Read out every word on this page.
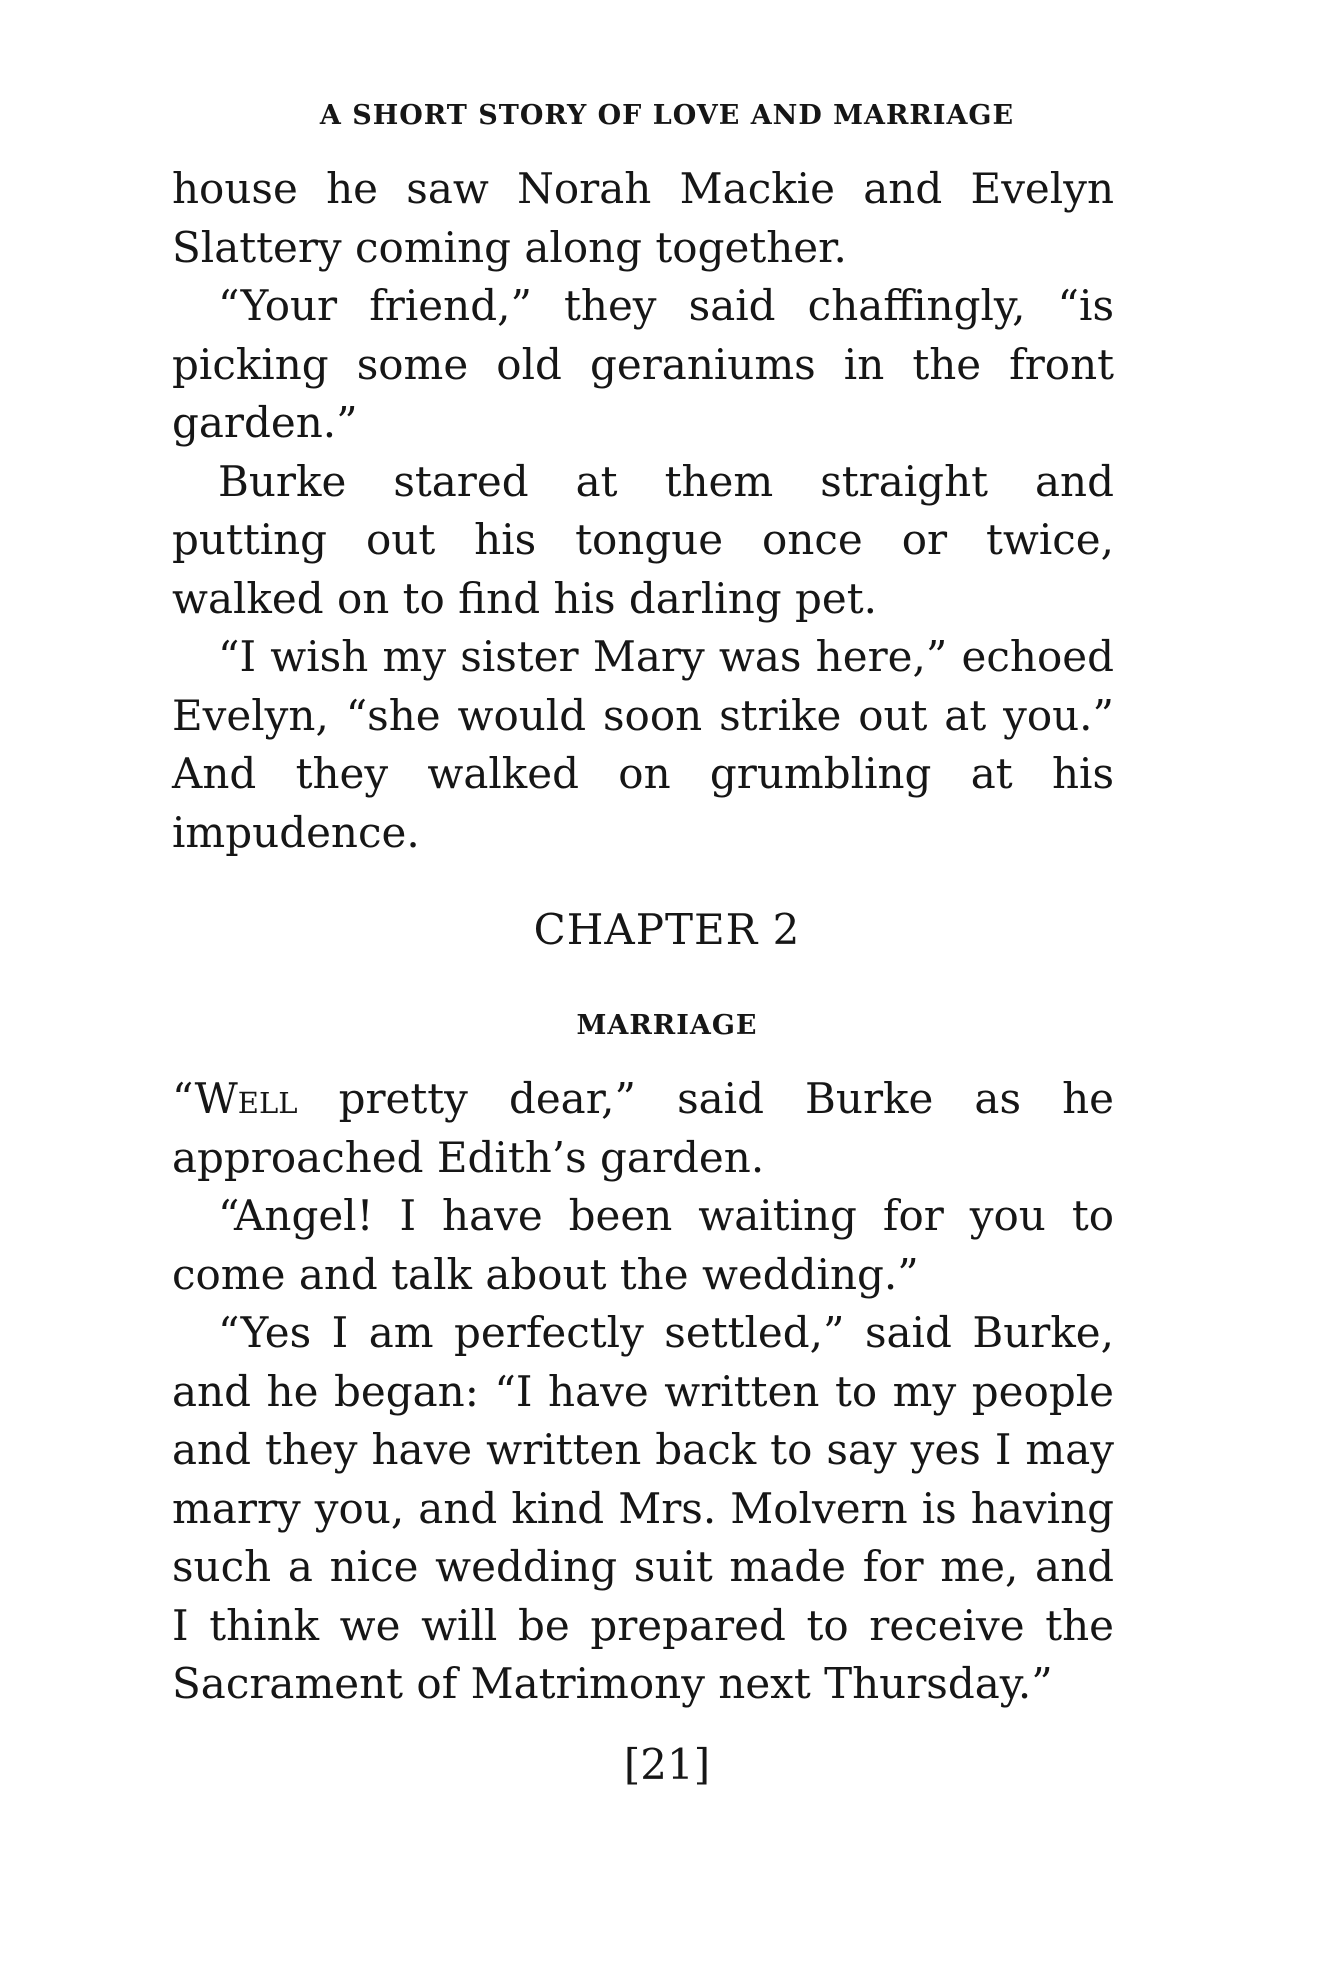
A SHORT STORY OF LOVE AND MARRIAGE

house he saw Norah Mackie and Evelyn Slattery coming along together.

“Your friend,” they said chaffingly, “is picking some old geraniums in the front garden.”

Burke stared at them straight and putting out his tongue once or twice, walked on to find his darling pet.

“I wish my sister Mary was here,” echoed Evelyn, “she would soon strike out at you.” And they walked on grumbling at his impudence.

CHAPTER 2
MARRIAGE

“Well pretty dear,” said Burke as he approached Edith’s garden.

“Angel! I have been waiting for you to come and talk about the wedding.”

“Yes I am perfectly settled,” said Burke, and he began: “I have written to my people and they have written back to say yes I may marry you, and kind Mrs. Molvern is having such a nice wedding suit made for me, and I think we will be prepared to receive the Sacrament of Matrimony next Thursday.”

[21]
